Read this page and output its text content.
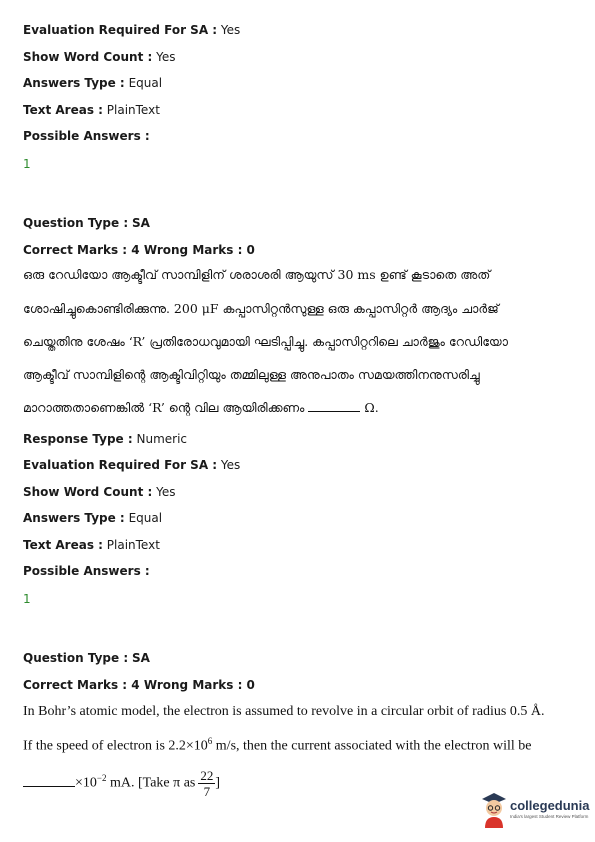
Evaluation Required For SA : Yes
Show Word Count : Yes
Answers Type : Equal
Text Areas : PlainText
Possible Answers :
1
Question Type : SA
Correct Marks : 4 Wrong Marks : 0
ഒരു റേഡിയോ ആക്ടീവ് സാമ്പിളിന് ശരാശരി ആയുസ് 30 ms ഉണ്ട് കൂടാതെ അത്
ശോഷിച്ചുകൊണ്ടിരിക്കുന്നു. 200 μF കപ്പാസിറ്റൻസുള്ള ഒരു കപ്പാസിറ്റർ ആദ്യം ചാർജ്
ചെയ്തതിനു ശേഷം ‘R’ പ്രതിരോധവുമായി ഘടിപ്പിച്ചു. കപ്പാസിറ്ററിലെ ചാർജും റേഡിയോ
ആക്ടീവ് സാമ്പിളിന്റെ ആക്ടിവിറ്റിയും തമ്മിലുള്ള അനുപാതം സമയത്തിനനുസരിച്ചു
മാറാത്തതാണെങ്കിൽ ‘R’ ന്റെ വില ആയിരിക്കണം	Ω.
Response Type : Numeric
Evaluation Required For SA : Yes
Show Word Count : Yes
Answers Type : Equal
Text Areas : PlainText
Possible Answers :
1
Question Type : SA
Correct Marks : 4 Wrong Marks : 0
In Bohr’s atomic model, the electron is assumed to revolve in a circular orbit of radius 0.5 Å.
If the speed of electron is $2.2\times 10^6$ m/s, then the current associated with the electron will be
$\times 10^{-2}$ mA. [Take π as $\frac{22}{7}$ ]
collegedunia
India's largest Student Review Platform
